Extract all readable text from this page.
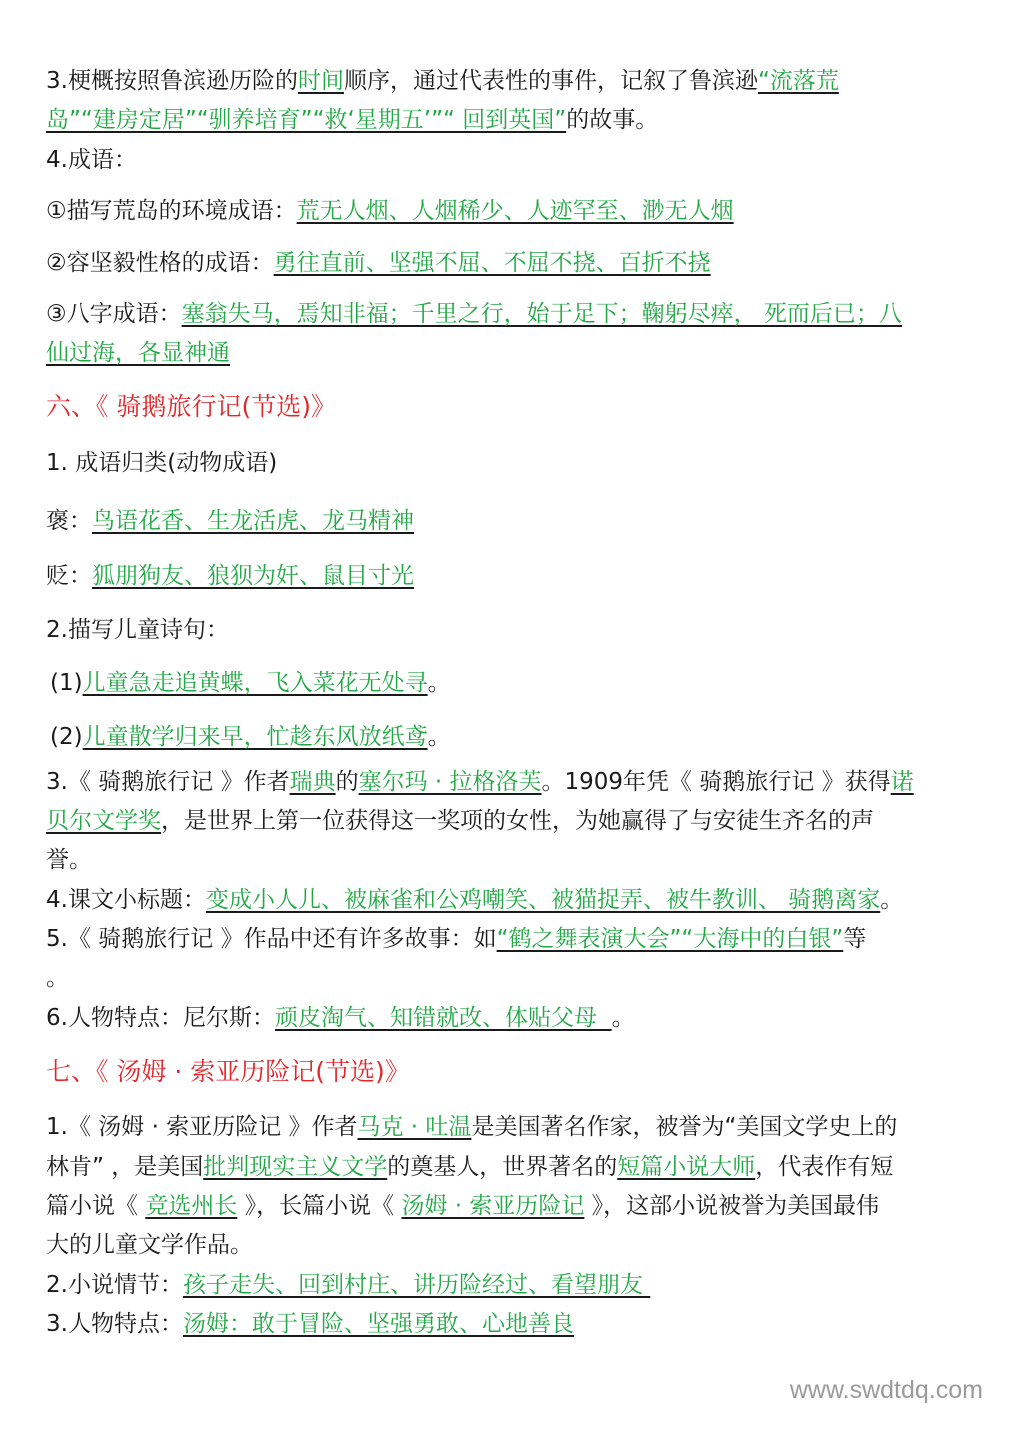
3.梗概按照鲁滨逊历险的时间顺序，通过代表性的事件，记叙了鲁滨逊“流落荒
岛”“建房定居”“驯养培育”“救‘星期五’”“ 回到英国”的故事。
4.成语：
①描写荒岛的环境成语：荒无人烟、人烟稀少、人迹罕至、渺无人烟
②容坚毅性格的成语：勇往直前、坚强不屈、不屈不挠、百折不挠
③八字成语：塞翁失马，焉知非福；千里之行，始于足下；鞠躬尽瘁， 死而后已；八
仙过海，各显神通
六、《 骑鹅旅行记(节选)》
1. 成语归类(动物成语)
褒：鸟语花香、生龙活虎、龙马精神
贬：狐朋狗友、狼狈为奸、鼠目寸光
2.描写儿童诗句：
(1)儿童急走追黄蝶，飞入菜花无处寻。
(2)儿童散学归来早，忙趁东风放纸鸢。
3.《 骑鹅旅行记 》作者瑞典的塞尔玛 · 拉格洛芙。1909年凭《 骑鹅旅行记 》获得诺
贝尔文学奖，是世界上第一位获得这一奖项的女性，为她赢得了与安徒生齐名的声
誉。
4.课文小标题：变成小人儿、被麻雀和公鸡嘲笑、被猫捉弄、被牛教训、 骑鹅离家。
5.《 骑鹅旅行记 》作品中还有许多故事：如“鹤之舞表演大会”“大海中的白银”等
。
6.人物特点：尼尔斯：顽皮淘气、知错就改、体贴父母  。
七、《 汤姆 · 索亚历险记(节选)》
1.《 汤姆 · 索亚历险记 》作者马克 · 吐温是美国著名作家，被誉为“美国文学史上的
林肯” ，是美国批判现实主义文学的奠基人，世界著名的短篇小说大师，代表作有短
篇小说《 竞选州长 》，长篇小说《 汤姆 · 索亚历险记 》，这部小说被誉为美国最伟
大的儿童文学作品。
2.小说情节：孩子走失、回到村庄、讲历险经过、看望朋友
3.人物特点：汤姆：敢于冒险、坚强勇敢、心地善良
www.swdtdq.com
